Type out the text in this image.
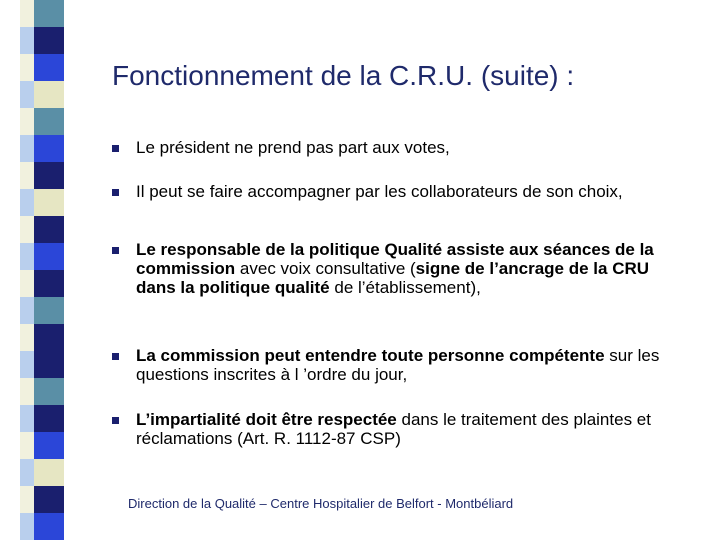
Fonctionnement de la C.R.U. (suite) :
Le président ne prend pas part aux votes,
Il peut se faire accompagner par les collaborateurs de son choix,
Le responsable de la politique Qualité assiste aux séances de la commission avec voix consultative (signe de l’ancrage de la CRU dans la politique qualité de l’établissement),
La commission peut entendre toute personne compétente sur les questions inscrites à l ’ordre du jour,
L’impartialité doit être respectée dans le traitement des plaintes et réclamations (Art. R. 1112-87 CSP)
Direction de la Qualité – Centre Hospitalier de Belfort - Montbéliard
